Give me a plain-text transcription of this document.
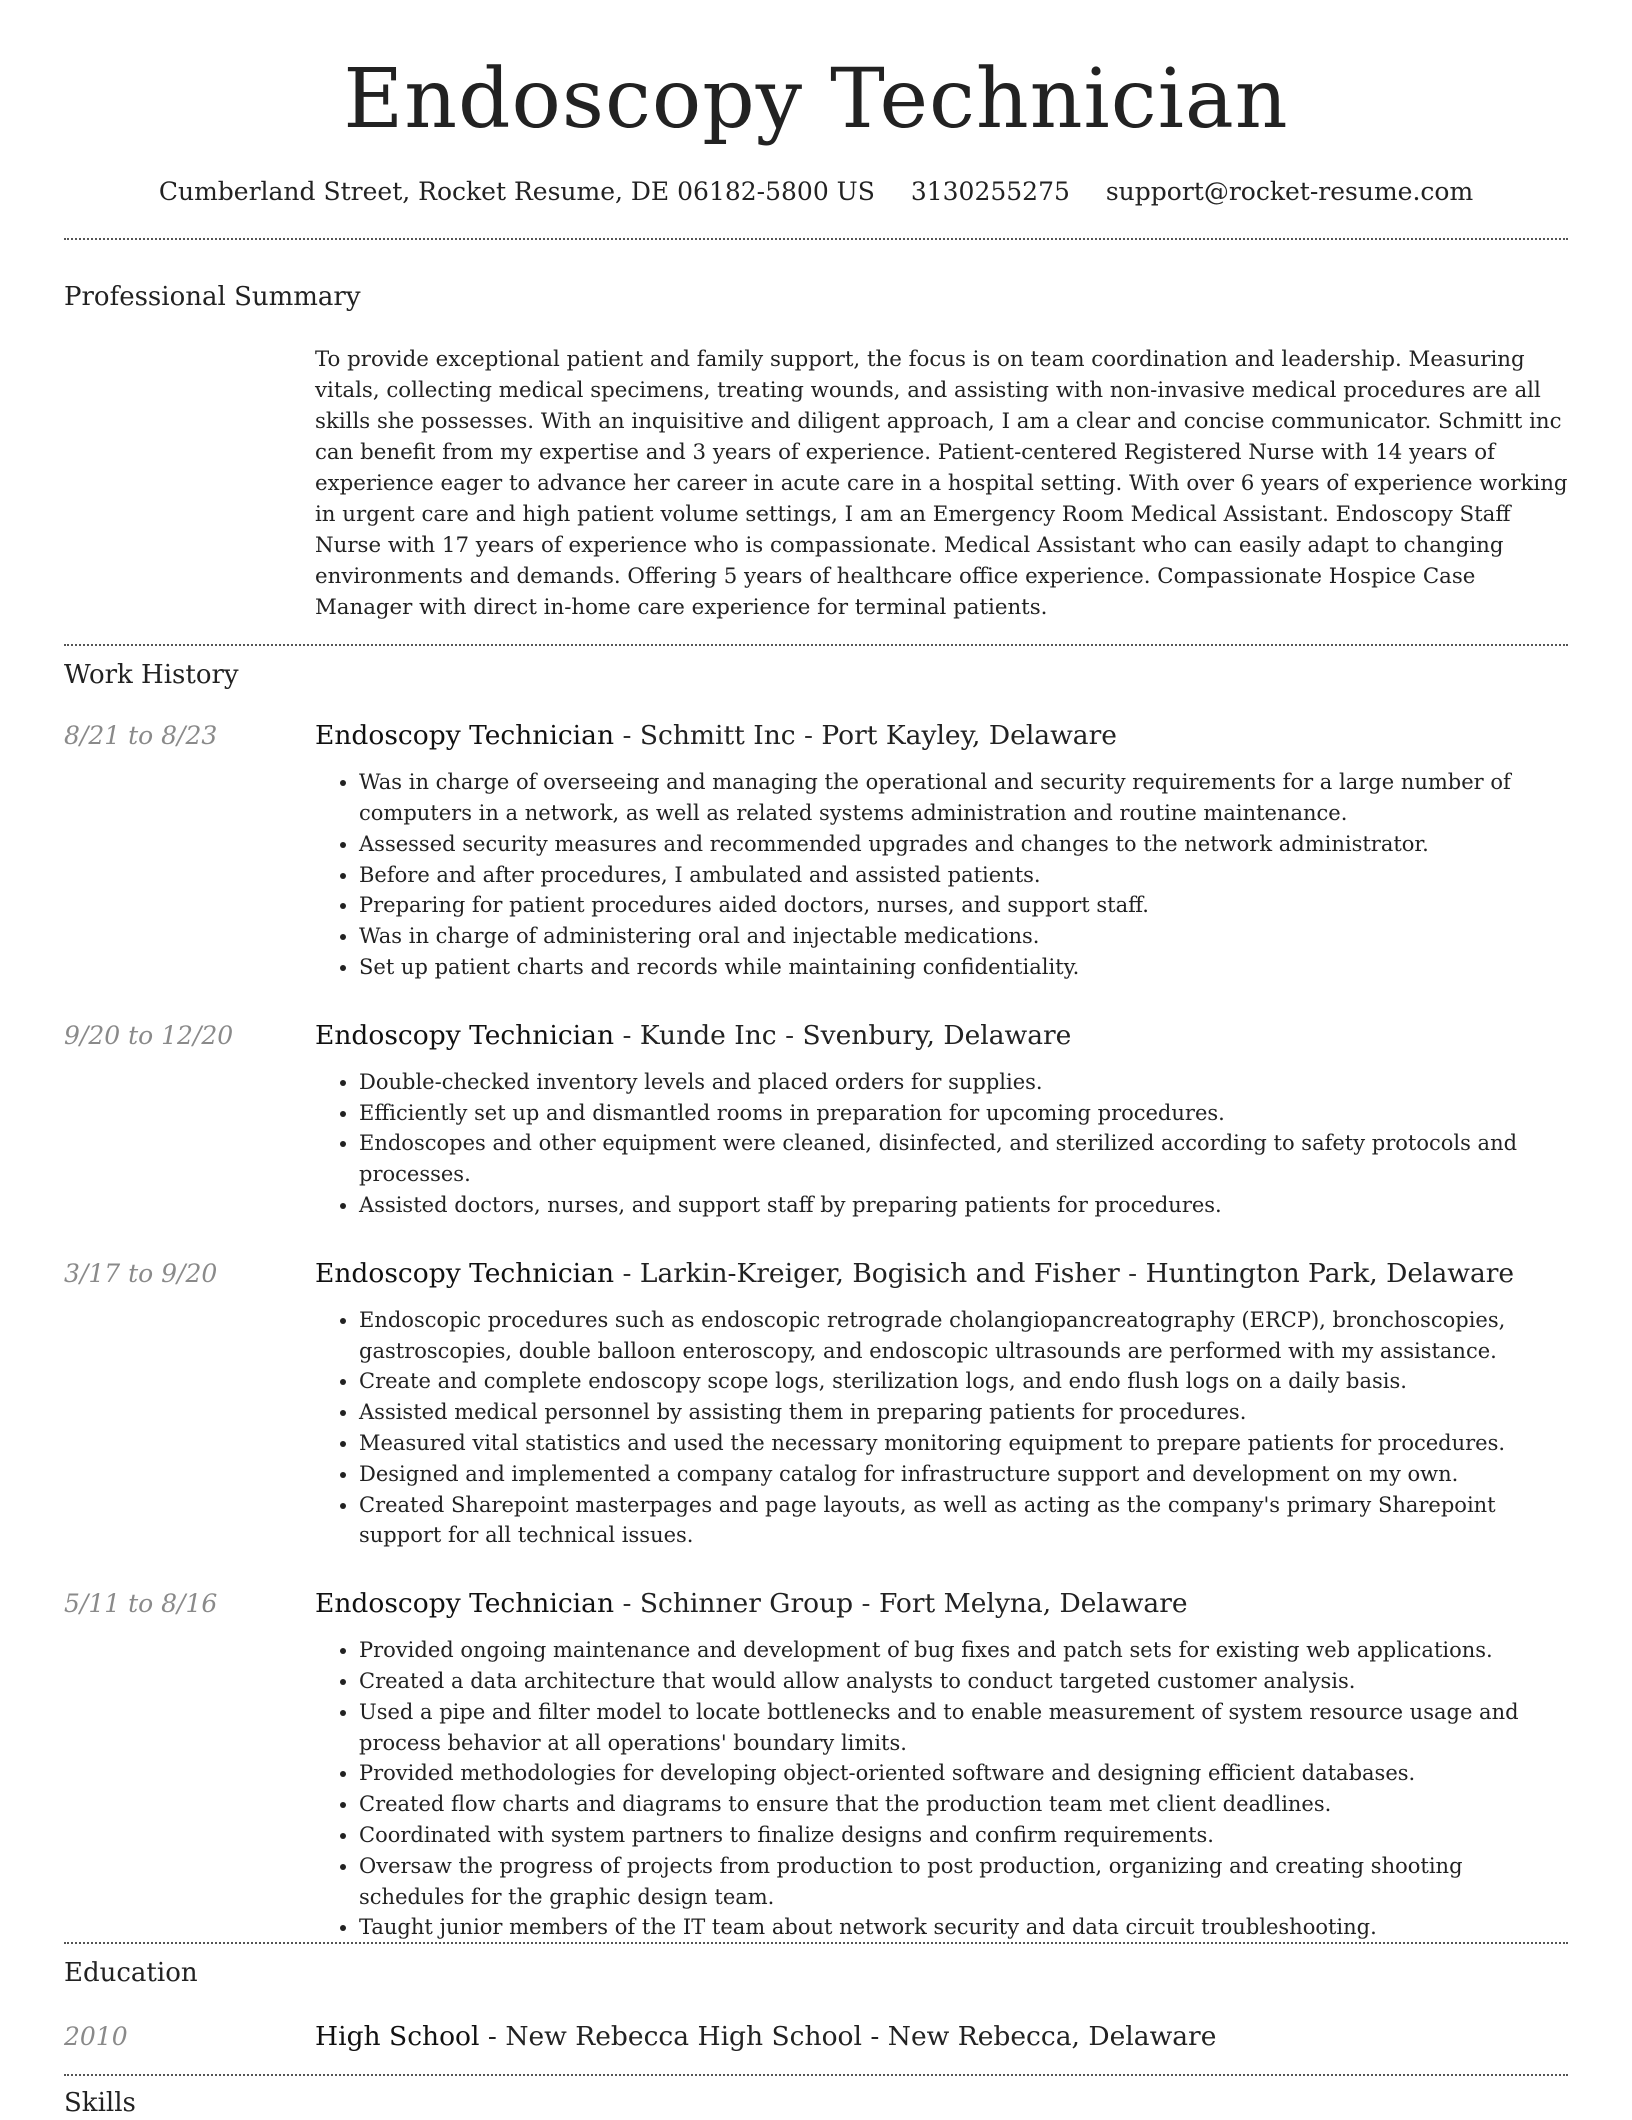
Endoscopy Technician
Cumberland Street, Rocket Resume, DE 06182-5800 US 3130255275 support@rocket-resume.com
Professional Summary

To provide exceptional patient and family support, the focus is on team coordination and leadership. Measuring vitals, collecting medical specimens, treating wounds, and assisting with non-invasive medical procedures are all skills she possesses. With an inquisitive and diligent approach, I am a clear and concise communicator. Schmitt inc can benefit from my expertise and 3 years of experience. Patient-centered Registered Nurse with 14 years of experience eager to advance her career in acute care in a hospital setting. With over 6 years of experience working in urgent care and high patient volume settings, I am an Emergency Room Medical Assistant. Endoscopy Staff Nurse with 17 years of experience who is compassionate. Medical Assistant who can easily adapt to changing environments and demands. Offering 5 years of healthcare office experience. Compassionate Hospice Case Manager with direct in-home care experience for terminal patients.

Work History
8/21 to 8/23	Endoscopy Technician - Schmitt Inc - Port Kayley, Delaware

• Was in charge of overseeing and managing the operational and security requirements for a large number of computers in a network, as well as related systems administration and routine maintenance.
• Assessed security measures and recommended upgrades and changes to the network administrator.
• Before and after procedures, I ambulated and assisted patients.
• Preparing for patient procedures aided doctors, nurses, and support staff.
• Was in charge of administering oral and injectable medications.
• Set up patient charts and records while maintaining confidentiality.
9/20 to 12/20	Endoscopy Technician - Kunde Inc - Svenbury, Delaware

• Double-checked inventory levels and placed orders for supplies.
• Efficiently set up and dismantled rooms in preparation for upcoming procedures.
• Endoscopes and other equipment were cleaned, disinfected, and sterilized according to safety protocols and processes.
• Assisted doctors, nurses, and support staff by preparing patients for procedures.
3/17 to 9/20	Endoscopy Technician - Larkin-Kreiger, Bogisich and Fisher - Huntington Park, Delaware

• Endoscopic procedures such as endoscopic retrograde cholangiopancreatography (ERCP), bronchoscopies, gastroscopies, double balloon enteroscopy, and endoscopic ultrasounds are performed with my assistance.
• Create and complete endoscopy scope logs, sterilization logs, and endo flush logs on a daily basis.
• Assisted medical personnel by assisting them in preparing patients for procedures.
• Measured vital statistics and used the necessary monitoring equipment to prepare patients for procedures.
• Designed and implemented a company catalog for infrastructure support and development on my own.
• Created Sharepoint masterpages and page layouts, as well as acting as the company's primary Sharepoint support for all technical issues.
5/11 to 8/16	Endoscopy Technician - Schinner Group - Fort Melyna, Delaware

• Provided ongoing maintenance and development of bug fixes and patch sets for existing web applications.
• Created a data architecture that would allow analysts to conduct targeted customer analysis.
• Used a pipe and filter model to locate bottlenecks and to enable measurement of system resource usage and process behavior at all operations' boundary limits.
• Provided methodologies for developing object-oriented software and designing efficient databases.
• Created flow charts and diagrams to ensure that the production team met client deadlines.
• Coordinated with system partners to finalize designs and confirm requirements.
• Oversaw the progress of projects from production to post production, organizing and creating shooting schedules for the graphic design team.
• Taught junior members of the IT team about network security and data circuit troubleshooting.
Education
2010	High School - New Rebecca High School - New Rebecca, Delaware
Skills
